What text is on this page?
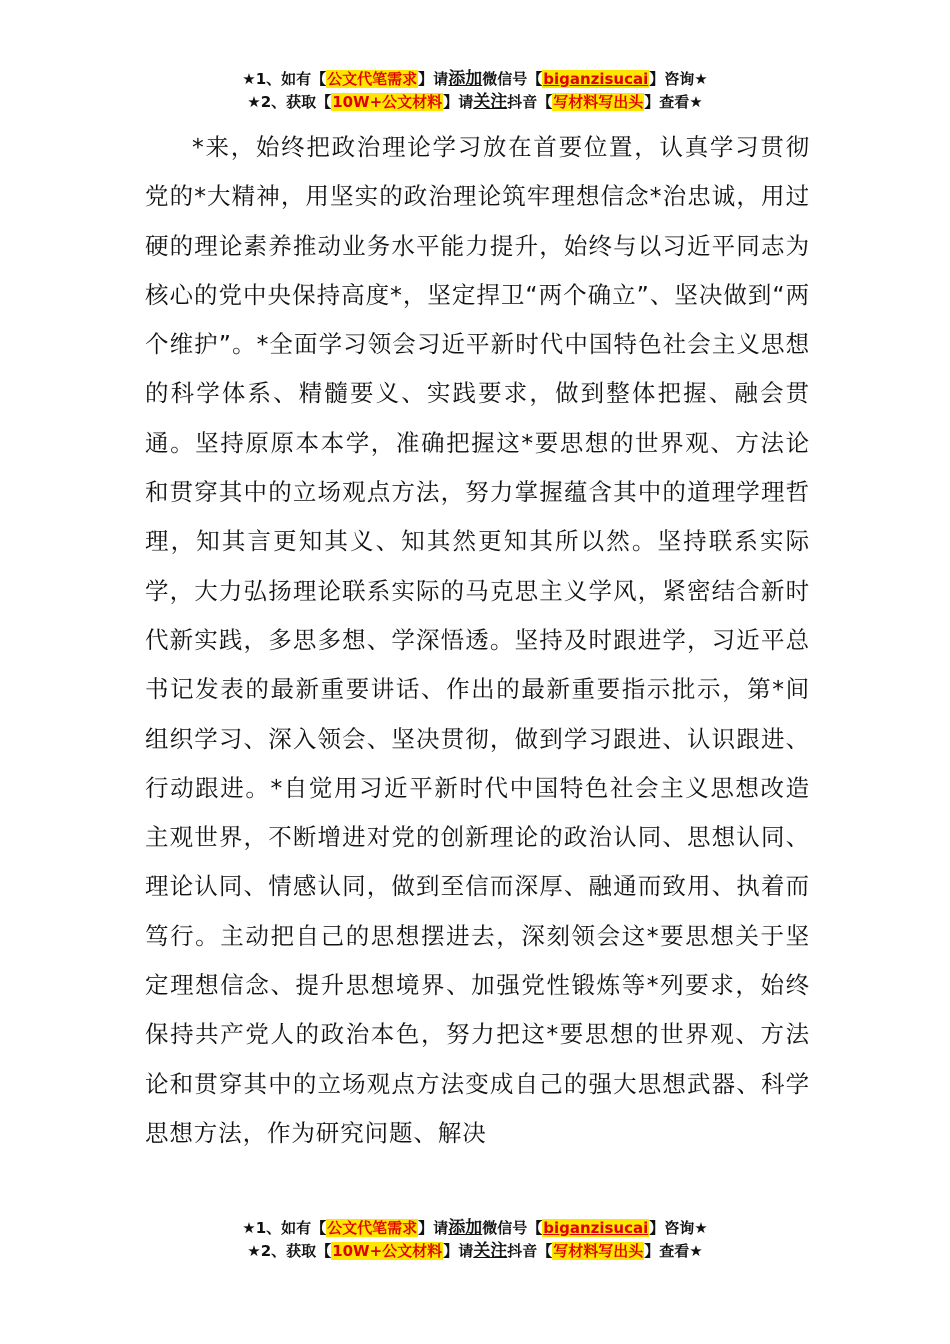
★1、如有【公文代笔需求】请添加微信号【biganzisucai】咨询★
★2、获取【10W+公文材料】请关注抖音【写材料写出头】查看★

*来，始终把政治理论学习放在首要位置，认真学习贯彻党的*大精神，用坚实的政治理论筑牢理想信念*治忠诚，用过硬的理论素养推动业务水平能力提升，始终与以习近平同志为核心的党中央保持高度*，坚定捍卫“两个确立”、坚决做到“两个维护”。*全面学习领会习近平新时代中国特色社会主义思想的科学体系、精髓要义、实践要求，做到整体把握、融会贯通。坚持原原本本学，准确把握这*要思想的世界观、方法论和贯穿其中的立场观点方法，努力掌握蕴含其中的道理学理哲理，知其言更知其义、知其然更知其所以然。坚持联系实际学，大力弘扬理论联系实际的马克思主义学风，紧密结合新时代新实践，多思多想、学深悟透。坚持及时跟进学，习近平总书记发表的最新重要讲话、作出的最新重要指示批示，第*间组织学习、深入领会、坚决贯彻，做到学习跟进、认识跟进、行动跟进。*自觉用习近平新时代中国特色社会主义思想改造主观世界，不断增进对党的创新理论的政治认同、思想认同、理论认同、情感认同，做到至信而深厚、融通而致用、执着而笃行。主动把自己的思想摆进去，深刻领会这*要思想关于坚定理想信念、提升思想境界、加强党性锻炼等*列要求，始终保持共产党人的政治本色，努力把这*要思想的世界观、方法论和贯穿其中的立场观点方法变成自己的强大思想武器、科学思想方法，作为研究问题、解决

★1、如有【公文代笔需求】请添加微信号【biganzisucai】咨询★
★2、获取【10W+公文材料】请关注抖音【写材料写出头】查看★
